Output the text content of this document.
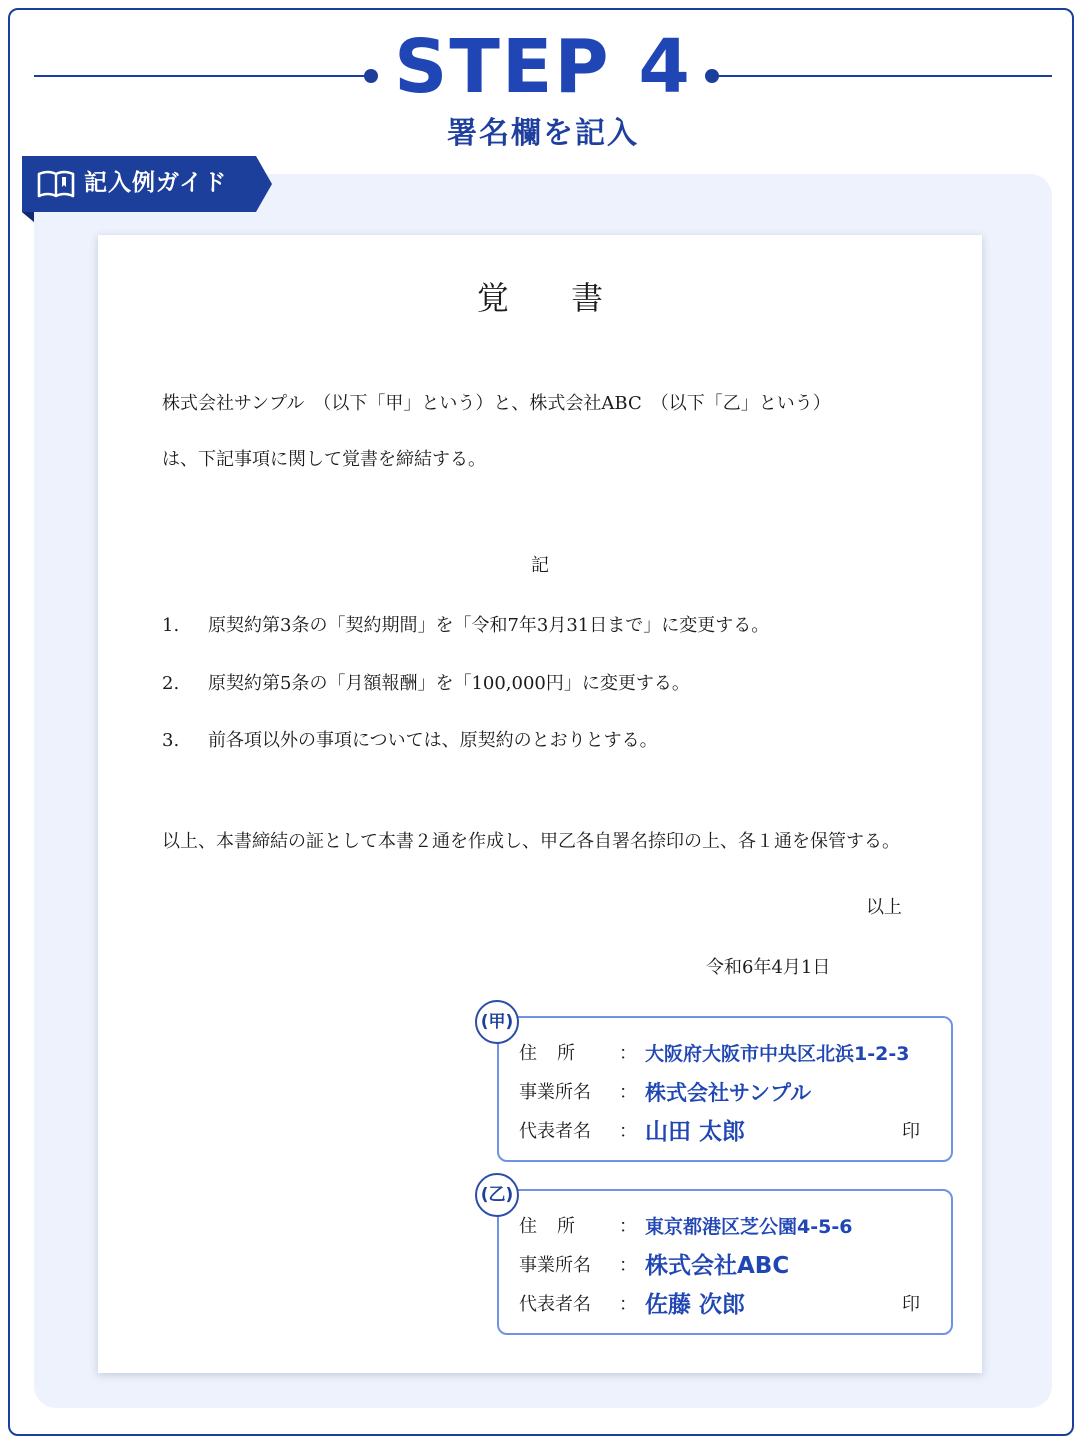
STEP 4
署名欄を記入
記入例ガイド
覚 書
株式会社サンプル　（以下「甲」という）と、株式会社ABC　（以下「乙」という）
は、下記事項に関して覚書を締結する。
記
1. 原契約第3条の「契約期間」を「令和7年3月31日まで」に変更する。
2. 原契約第5条の「月額報酬」を「100,000円」に変更する。
3. 前各項以外の事項については、原契約のとおりとする。
以上、本書締結の証として本書２通を作成し、甲乙各自署名捺印の上、各１通を保管する。
以上
令和6年4月1日
(甲)
住所 ： 大阪府大阪市中央区北浜1-2-3
事業所名 ： 株式会社サンプル
代表者名 ： 山田 太郎	印
(乙)
住所 ： 東京都港区芝公園4-5-6
事業所名 ： 株式会社ABC
代表者名 ： 佐藤 次郎	印
